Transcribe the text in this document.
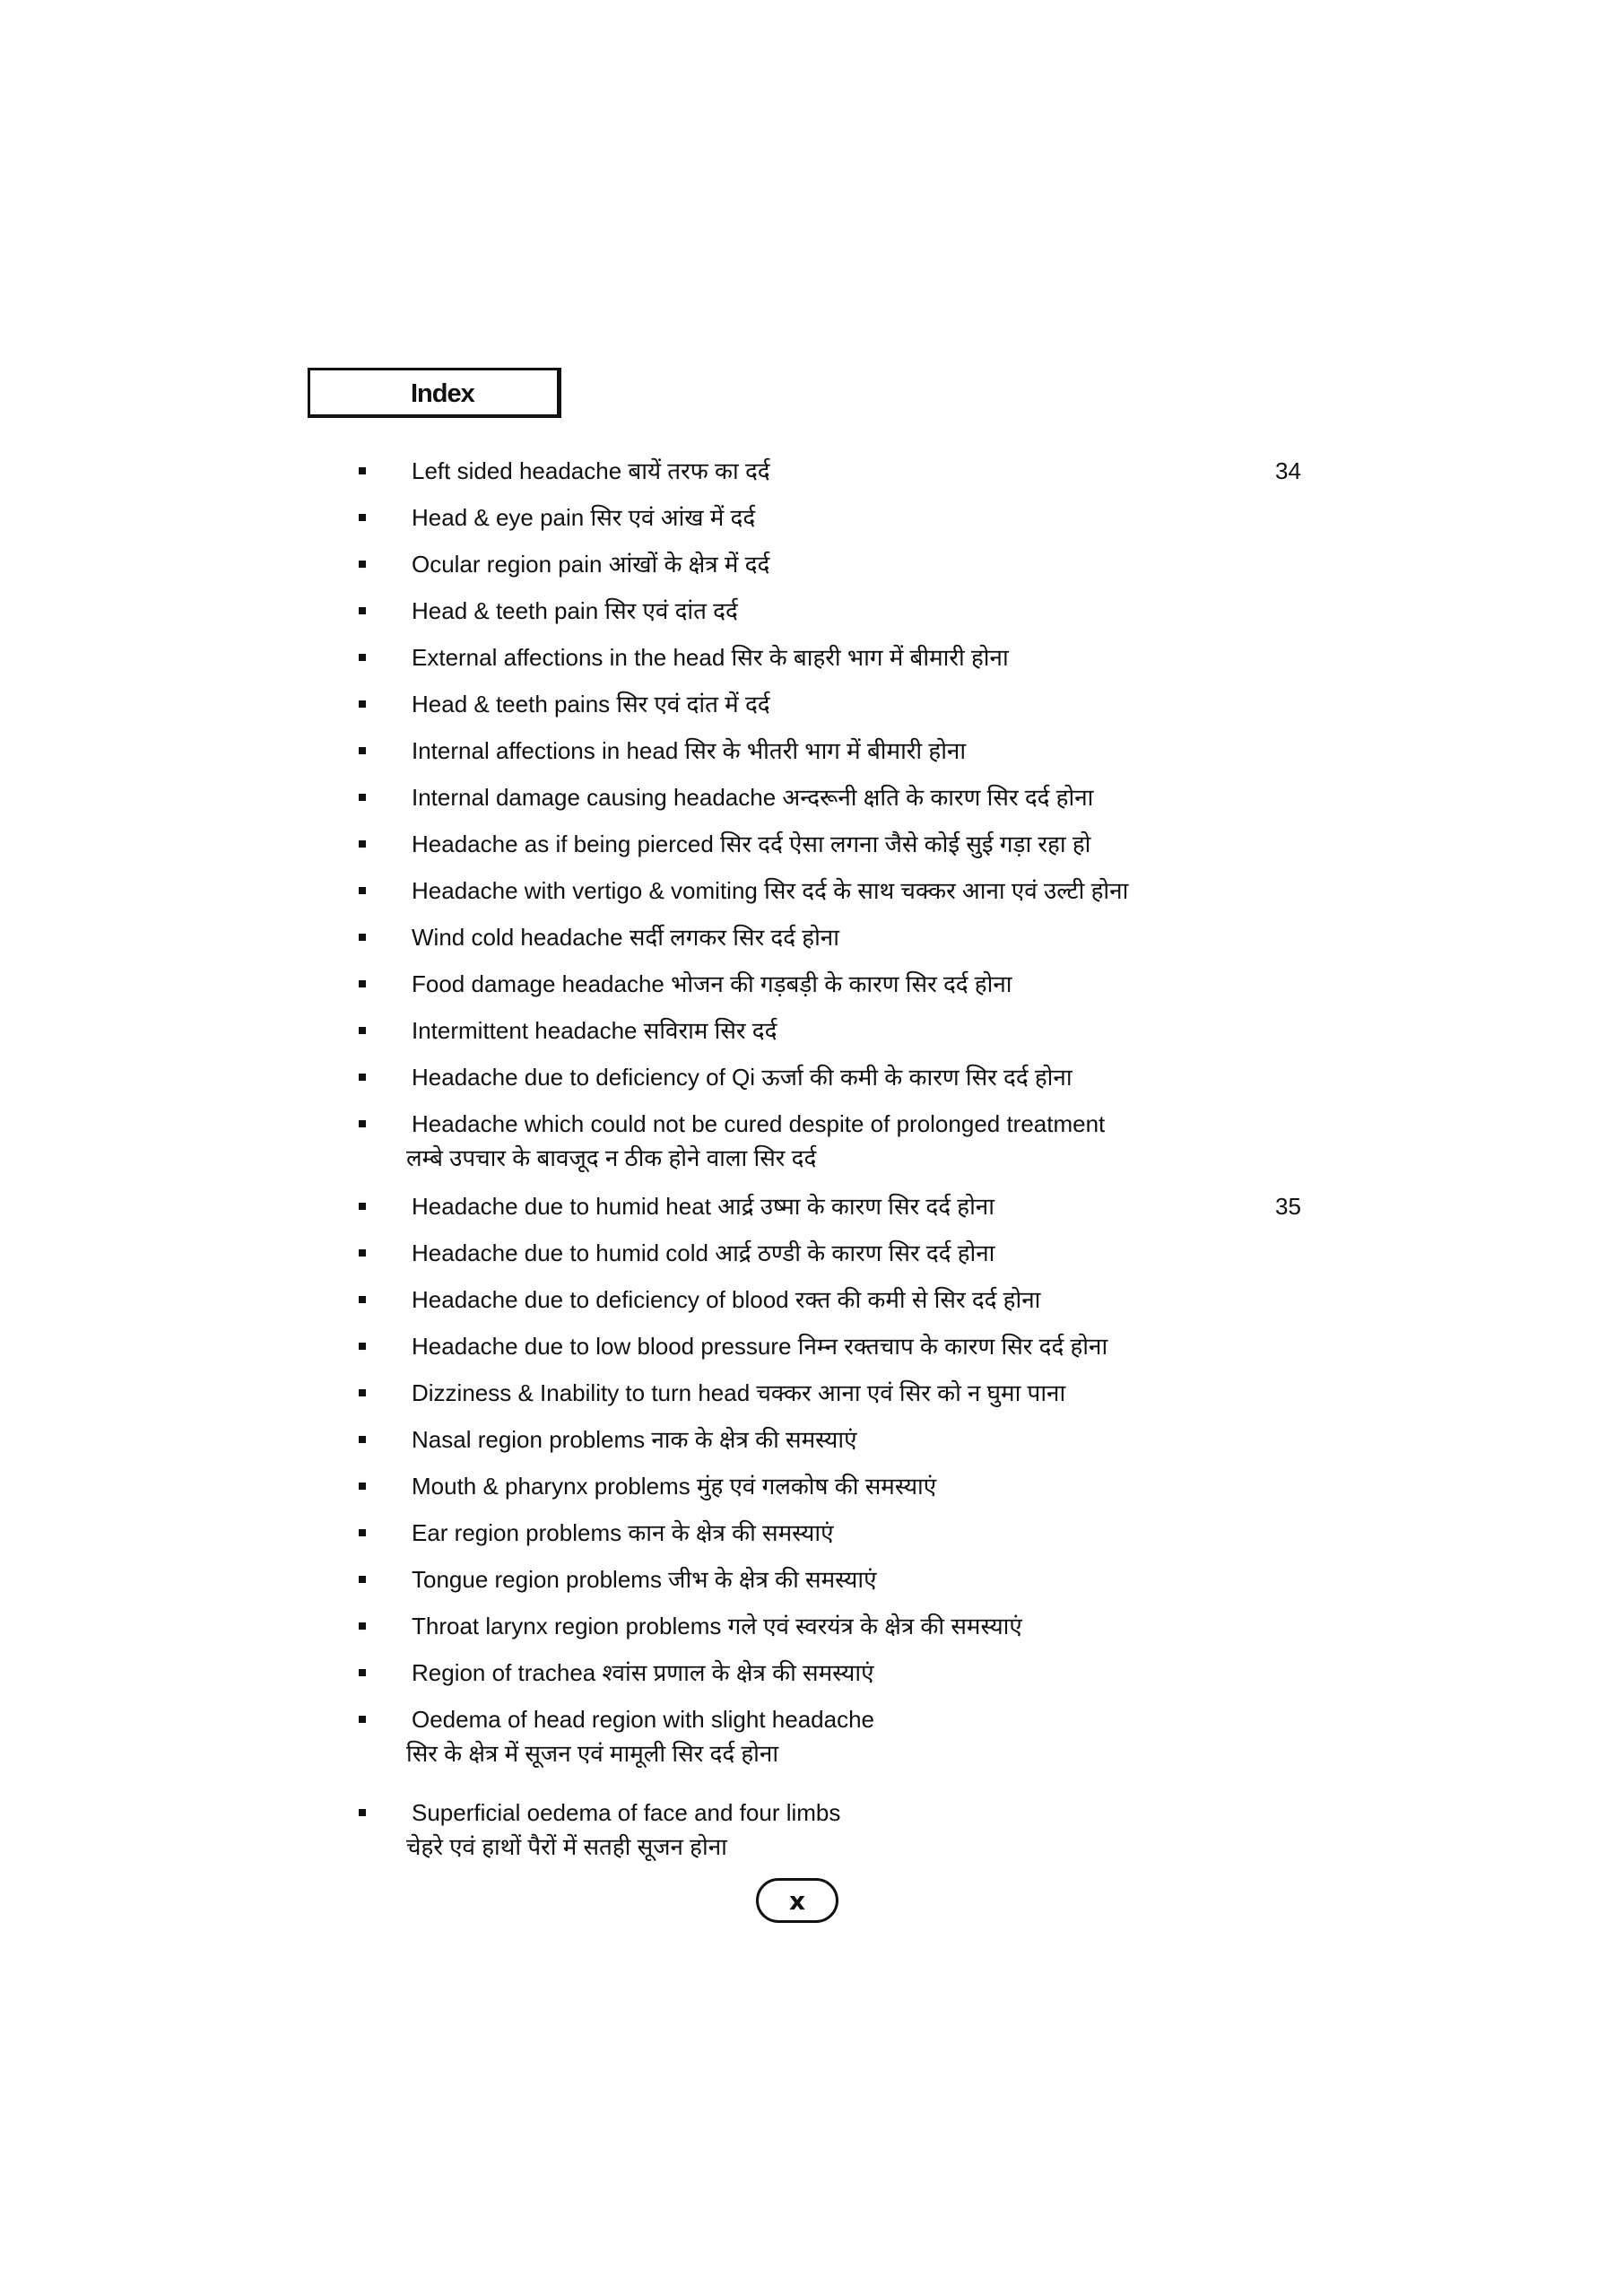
Index
Left sided headache बायें तरफ का दर्द	34
Head & eye pain सिर एवं आंख में दर्द
Ocular region pain आंखों के क्षेत्र में दर्द
Head & teeth pain सिर एवं दांत दर्द
External affections in the head सिर के बाहरी भाग में बीमारी होना
Head & teeth pains सिर एवं दांत में दर्द
Internal affections in head सिर के भीतरी भाग में बीमारी होना
Internal damage causing headache अन्दरूनी क्षति के कारण सिर दर्द होना
Headache as if being pierced सिर दर्द ऐसा लगना जैसे कोई सुई गड़ा रहा हो
Headache with vertigo & vomiting सिर दर्द के साथ चक्कर आना एवं उल्टी होना
Wind cold headache सर्दी लगकर सिर दर्द होना
Food damage headache भोजन की गड़बड़ी के कारण सिर दर्द होना
Intermittent headache सविराम सिर दर्द
Headache due to deficiency of Qi ऊर्जा की कमी के कारण सिर दर्द होना
Headache which could not be cured despite of prolonged treatment
लम्बे उपचार के बावजूद न ठीक होने वाला सिर दर्द
Headache due to humid heat आर्द्र उष्मा के कारण सिर दर्द होना	35
Headache due to humid cold आर्द्र ठण्डी के कारण सिर दर्द होना
Headache due to deficiency of blood रक्त की कमी से सिर दर्द होना
Headache due to low blood pressure निम्न रक्तचाप के कारण सिर दर्द होना
Dizziness & Inability to turn head चक्कर आना एवं सिर को न घुमा पाना
Nasal region problems नाक के क्षेत्र की समस्याएं
Mouth & pharynx problems मुंह एवं गलकोष की समस्याएं
Ear region problems कान के क्षेत्र की समस्याएं
Tongue region problems जीभ के क्षेत्र की समस्याएं
Throat larynx region problems गले एवं स्वरयंत्र के क्षेत्र की समस्याएं
Region of trachea श्वांस प्रणाल के क्षेत्र की समस्याएं
Oedema of head region with slight headache
सिर के क्षेत्र में सूजन एवं मामूली सिर दर्द होना
Superficial oedema of face and four limbs
चेहरे एवं हाथों पैरों में सतही सूजन होना
x
